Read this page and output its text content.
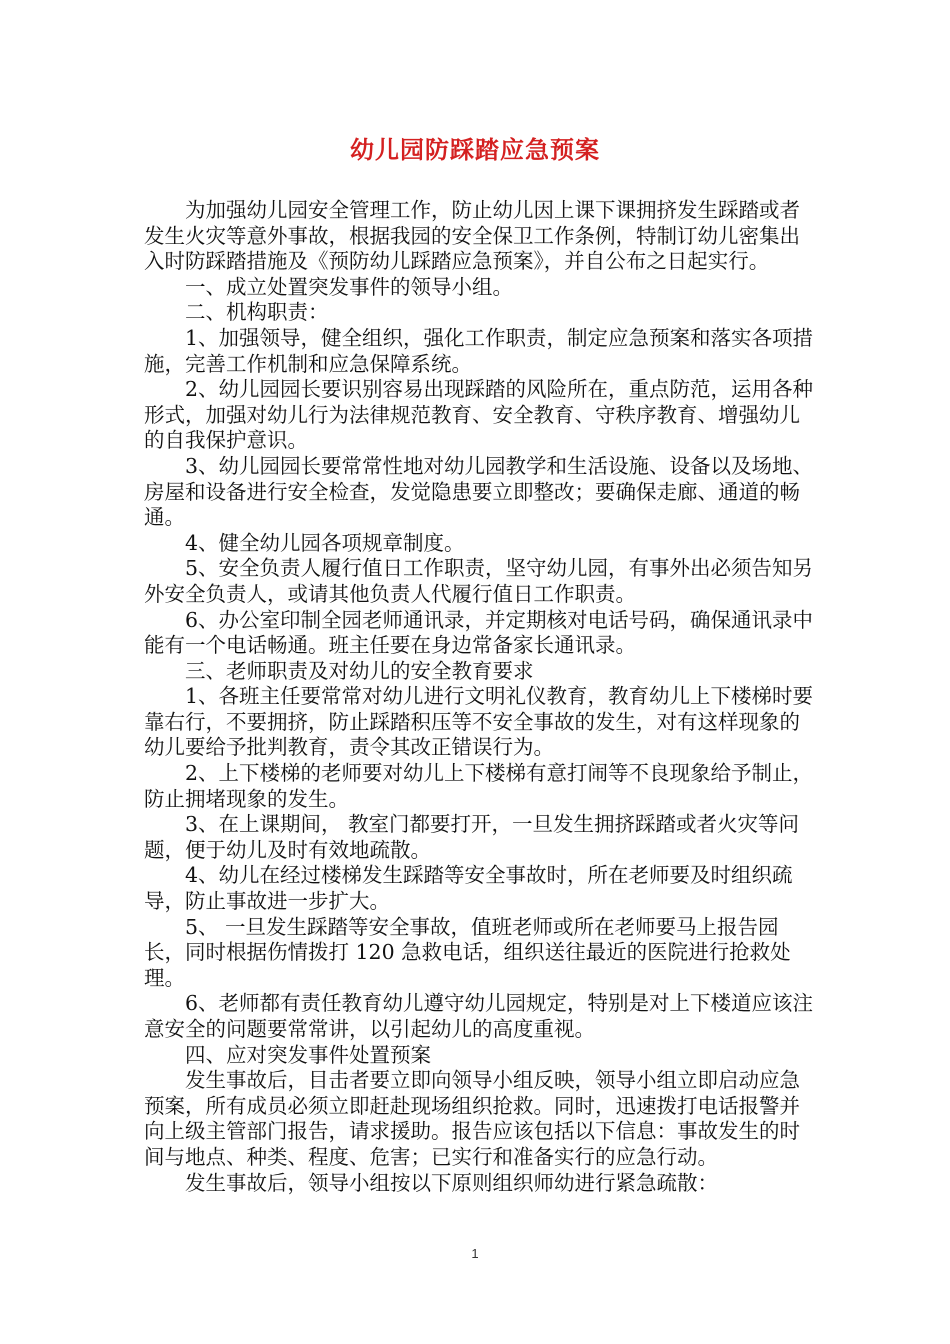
幼儿园防踩踏应急预案

为加强幼儿园安全管理工作，防止幼儿因上课下课拥挤发生踩踏或者发生火灾等意外事故，根据我园的安全保卫工作条例，特制订幼儿密集出入时防踩踏措施及《预防幼儿踩踏应急预案》，并自公布之日起实行。

一、成立处置突发事件的领导小组。

二、机构职责：

1、加强领导，健全组织，强化工作职责，制定应急预案和落实各项措施，完善工作机制和应急保障系统。

2、幼儿园园长要识别容易出现踩踏的风险所在，重点防范，运用各种形式，加强对幼儿行为法律规范教育、安全教育、守秩序教育、增强幼儿的自我保护意识。

3、幼儿园园长要常常性地对幼儿园教学和生活设施、设备以及场地、房屋和设备进行安全检查，发觉隐患要立即整改；要确保走廊、通道的畅通。

4、健全幼儿园各项规章制度。

5、安全负责人履行值日工作职责，坚守幼儿园，有事外出必须告知另外安全负责人，或请其他负责人代履行值日工作职责。

6、办公室印制全园老师通讯录，并定期核对电话号码，确保通讯录中能有一个电话畅通。班主任要在身边常备家长通讯录。

三、老师职责及对幼儿的安全教育要求

1、各班主任要常常对幼儿进行文明礼仪教育，教育幼儿上下楼梯时要靠右行，不要拥挤，防止踩踏积压等不安全事故的发生，对有这样现象的幼儿要给予批判教育，责令其改正错误行为。

2、上下楼梯的老师要对幼儿上下楼梯有意打闹等不良现象给予制止，防止拥堵现象的发生。

3、在上课期间， 教室门都要打开，一旦发生拥挤踩踏或者火灾等问题，便于幼儿及时有效地疏散。

4、幼儿在经过楼梯发生踩踏等安全事故时，所在老师要及时组织疏导，防止事故进一步扩大。

5、 一旦发生踩踏等安全事故，值班老师或所在老师要马上报告园长，同时根据伤情拨打 120 急救电话，组织送往最近的医院进行抢救处理。

6、老师都有责任教育幼儿遵守幼儿园规定，特别是对上下楼道应该注意安全的问题要常常讲，以引起幼儿的高度重视。

四、应对突发事件处置预案

发生事故后，目击者要立即向领导小组反映，领导小组立即启动应急预案，所有成员必须立即赶赴现场组织抢救。同时，迅速拨打电话报警并向上级主管部门报告，请求援助。报告应该包括以下信息：事故发生的时间与地点、种类、程度、危害；已实行和准备实行的应急行动。

发生事故后，领导小组按以下原则组织师幼进行紧急疏散：

1
